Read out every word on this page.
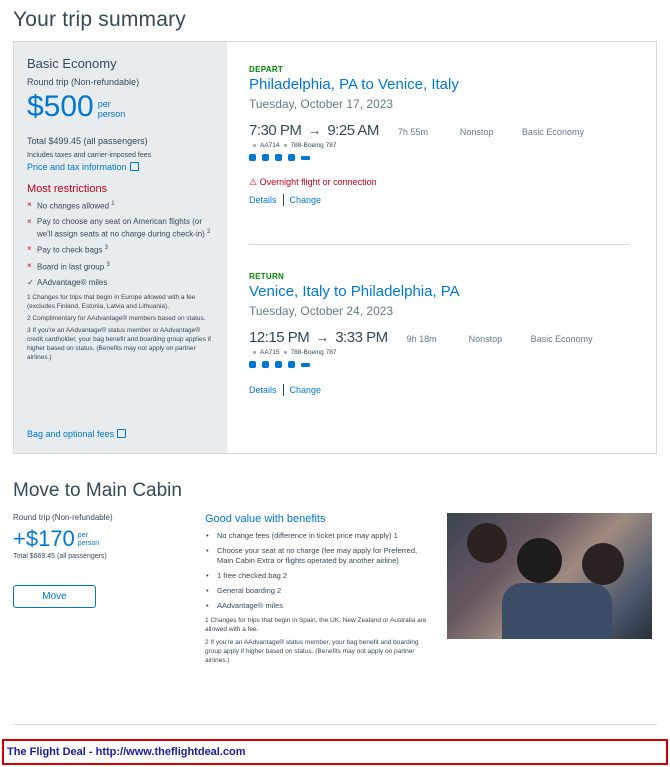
Your trip summary
Basic Economy
Round trip (Non-refundable)
$500 per
person
Total $499.45 (all passengers)
Includes taxes and carrier-imposed fees
Price and tax information
Most restrictions
× No changes allowed $^1$
× Pay to choose any seat on American flights (or we'll assign seats at no charge during check-in) $^2$
× Pay to check bags $^3$
× Board in last group $^3$
✓ AAdvantage® miles
1 Changes for trips that begin in Europe allowed with a fee (excludes Finland, Estonia, Latvia and Lithuania).
2 Complimentary for AAdvantage® members based on status.
3 If you're an AAdvantage® status member or AAdvantage® credit cardholder, your bag benefit and boarding group applies if higher based on status. (Benefits may not apply on partner airlines.)
Bag and optional fees
DEPART
Philadelphia, PA to Venice, Italy
Tuesday, October 17, 2023
7:30 PM → 9:25 AM 7h 55m	Nonstop	Basic Economy
AA714 788-Boeing 787
⚠ Overnight flight or connection
Details Change
RETURN
Venice, Italy to Philadelphia, PA
Tuesday, October 24, 2023
12:15 PM → 3:33 PM 9h 18m	Nonstop	Basic Economy
AA715 788-Boeing 787
Details Change
Move to Main Cabin
Round trip (Non-refundable)
+$170 per
person
Total $669.45 (all passengers)
Move
Good value with benefits
• No change fees (difference in ticket price may apply) 1
• Choose your seat at no charge (fee may apply for Preferred, Main Cabin Extra or flights operated by another airline)
• 1 free checked bag 2
• General boarding 2
• AAdvantage® miles
1 Changes for trips that begin in Spain, the UK, New Zealand or Australia are allowed with a fee.
2 If you're an AAdvantage® status member, your bag benefit and boarding group apply if higher based on status. (Benefits may not apply on partner airlines.)
The Flight Deal - http://www.theflightdeal.com
